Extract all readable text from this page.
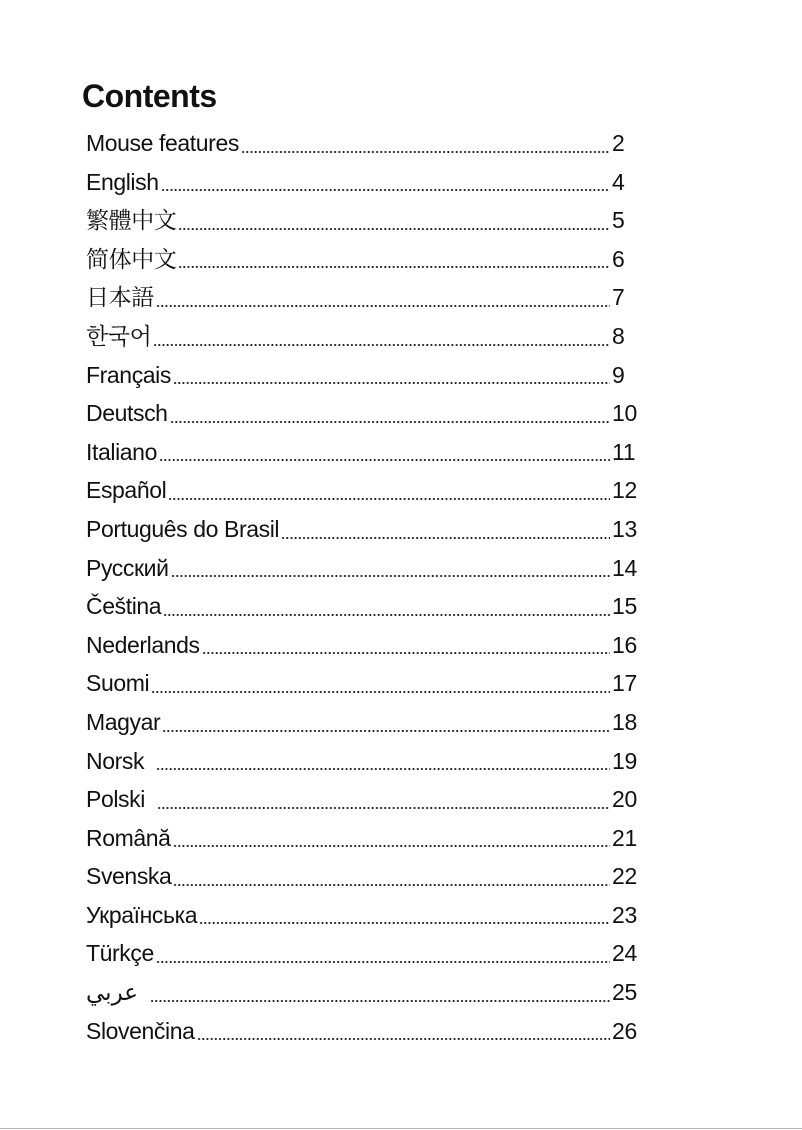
Contents
Mouse features	2
English	4
繁體中文	5
简体中文	6
日本語	7
한국어	8
Français	9
Deutsch	10
Italiano	11
Español	12
Português do Brasil	13
Русский	14
Čeština	15
Nederlands	16
Suomi	17
Magyar	18
Norsk	19
Polski	20
Română	21
Svenska	22
Українська	23
Türkçe	24
عربي	25
Slovenčina	26
